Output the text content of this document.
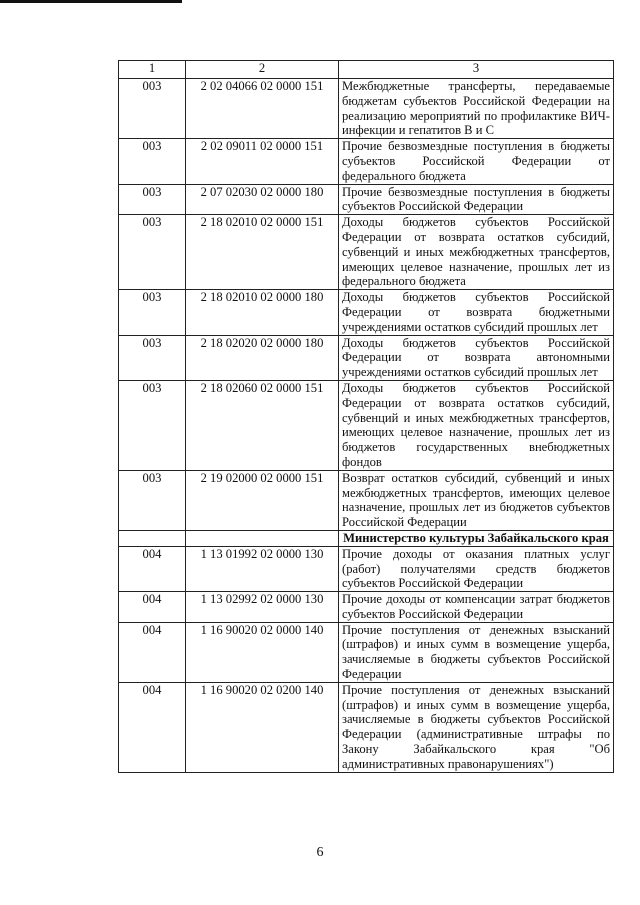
1	2	3
003	2 02 04066 02 0000 151	Межбюджетные трансферты, передаваемые бюджетам субъектов Российской Федерации на реализацию мероприятий по профилактике ВИЧ-инфекции и гепатитов В и С
003	2 02 09011 02 0000 151	Прочие безвозмездные поступления в бюджеты субъектов Российской Федерации от федерального бюджета
003	2 07 02030 02 0000 180	Прочие безвозмездные поступления в бюджеты субъектов Российской Федерации
003	2 18 02010 02 0000 151	Доходы бюджетов субъектов Российской Федерации от возврата остатков субсидий, субвенций и иных межбюджетных трансфертов, имеющих целевое назначение, прошлых лет из федерального бюджета
003	2 18 02010 02 0000 180	Доходы бюджетов субъектов Российской Федерации от возврата бюджетными учреждениями остатков субсидий прошлых лет
003	2 18 02020 02 0000 180	Доходы бюджетов субъектов Российской Федерации от возврата автономными учреждениями остатков субсидий прошлых лет
003	2 18 02060 02 0000 151	Доходы бюджетов субъектов Российской Федерации от возврата остатков субсидий, субвенций и иных межбюджетных трансфертов, имеющих целевое назначение, прошлых лет из бюджетов государственных внебюджетных фондов
003	2 19 02000 02 0000 151	Возврат остатков субсидий, субвенций и иных межбюджетных трансфертов, имеющих целевое назначение, прошлых лет из бюджетов субъектов Российской Федерации
		Министерство культуры Забайкальского края
004	1 13 01992 02 0000 130	Прочие доходы от оказания платных услуг (работ) получателями средств бюджетов субъектов Российской Федерации
004	1 13 02992 02 0000 130	Прочие доходы от компенсации затрат бюджетов субъектов Российской Федерации
004	1 16 90020 02 0000 140	Прочие поступления от денежных взысканий (штрафов) и иных сумм в возмещение ущерба, зачисляемые в бюджеты субъектов Российской Федерации
004	1 16 90020 02 0200 140	Прочие поступления от денежных взысканий (штрафов) и иных сумм в возмещение ущерба, зачисляемые в бюджеты субъектов Российской Федерации (административные штрафы по Закону Забайкальского края "Об административных правонарушениях")
6
